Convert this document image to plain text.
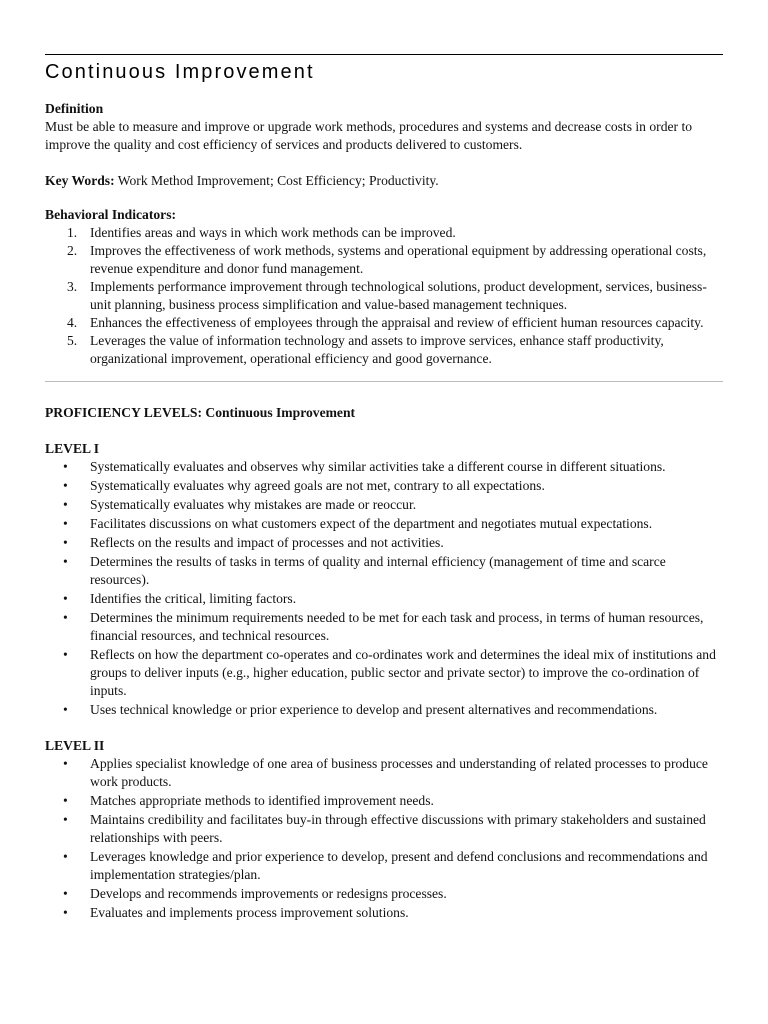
Continuous Improvement

Definition

Must be able to measure and improve or upgrade work methods, procedures and systems and decrease costs in order to improve the quality and cost efficiency of services and products delivered to customers.

Key Words: Work Method Improvement; Cost Efficiency; Productivity.

Behavioral Indicators:

1. Identifies areas and ways in which work methods can be improved.
2. Improves the effectiveness of work methods, systems and operational equipment by addressing operational costs, revenue expenditure and donor fund management.
3. Implements performance improvement through technological solutions, product development, services, business-unit planning, business process simplification and value-based management techniques.
4. Enhances the effectiveness of employees through the appraisal and review of efficient human resources capacity.
5. Leverages the value of information technology and assets to improve services, enhance staff productivity, organizational improvement, operational efficiency and good governance.

PROFICIENCY LEVELS: Continuous Improvement

LEVEL I

• Systematically evaluates and observes why similar activities take a different course in different situations.
• Systematically evaluates why agreed goals are not met, contrary to all expectations.
• Systematically evaluates why mistakes are made or reoccur.
• Facilitates discussions on what customers expect of the department and negotiates mutual expectations.
• Reflects on the results and impact of processes and not activities.
• Determines the results of tasks in terms of quality and internal efficiency (management of time and scarce resources).
• Identifies the critical, limiting factors.
• Determines the minimum requirements needed to be met for each task and process, in terms of human resources, financial resources, and technical resources.
• Reflects on how the department co-operates and co-ordinates work and determines the ideal mix of institutions and groups to deliver inputs (e.g., higher education, public sector and private sector) to improve the co-ordination of inputs.
• Uses technical knowledge or prior experience to develop and present alternatives and recommendations.

LEVEL II

• Applies specialist knowledge of one area of business processes and understanding of related processes to produce work products.
• Matches appropriate methods to identified improvement needs.
• Maintains credibility and facilitates buy-in through effective discussions with primary stakeholders and sustained relationships with peers.
• Leverages knowledge and prior experience to develop, present and defend conclusions and recommendations and implementation strategies/plan.
• Develops and recommends improvements or redesigns processes.
• Evaluates and implements process improvement solutions.
